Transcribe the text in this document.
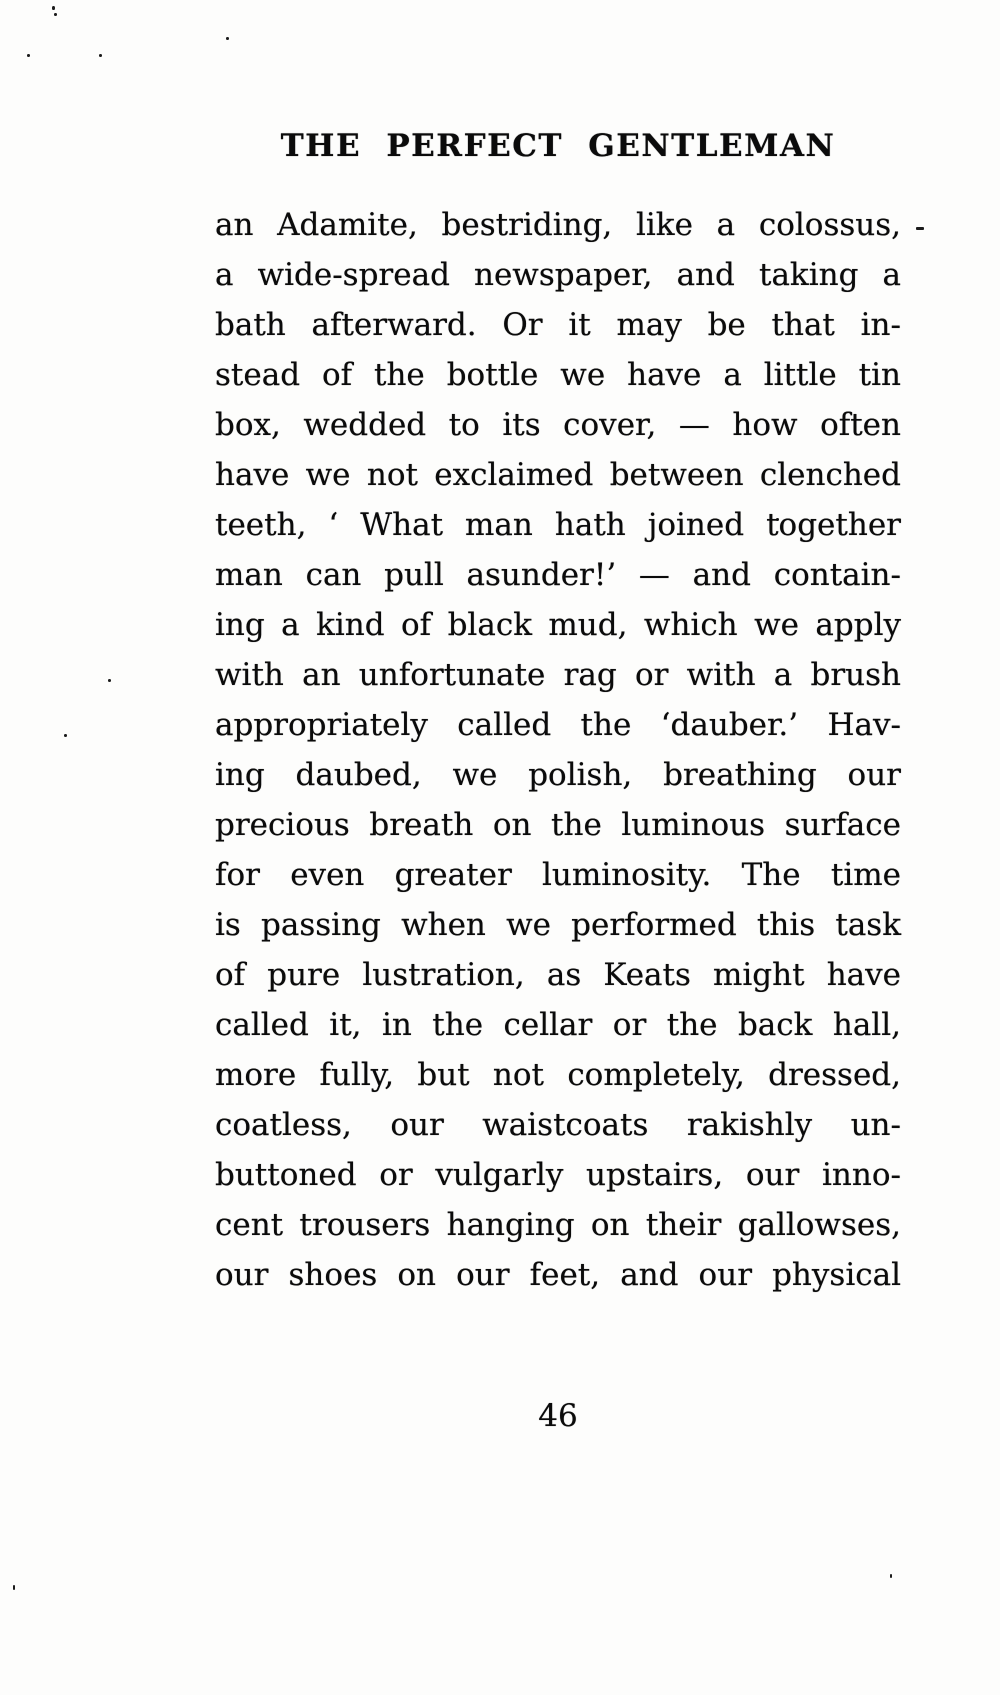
THE PERFECT GENTLEMAN
an Adamite, bestriding, like a colossus,
a wide-spread newspaper, and taking a
bath afterward. Or it may be that in-
stead of the bottle we have a little tin
box, wedded to its cover, — how often
have we not exclaimed between clenched
teeth, ‘ What man hath joined together
man can pull asunder!’ — and contain-
ing a kind of black mud, which we apply
with an unfortunate rag or with a brush
appropriately called the ‘dauber.’ Hav-
ing daubed, we polish, breathing our
precious breath on the luminous surface
for even greater luminosity. The time
is passing when we performed this task
of pure lustration, as Keats might have
called it, in the cellar or the back hall,
more fully, but not completely, dressed,
coatless, our waistcoats rakishly un-
buttoned or vulgarly upstairs, our inno-
cent trousers hanging on their gallowses,
our shoes on our feet, and our physical
46
